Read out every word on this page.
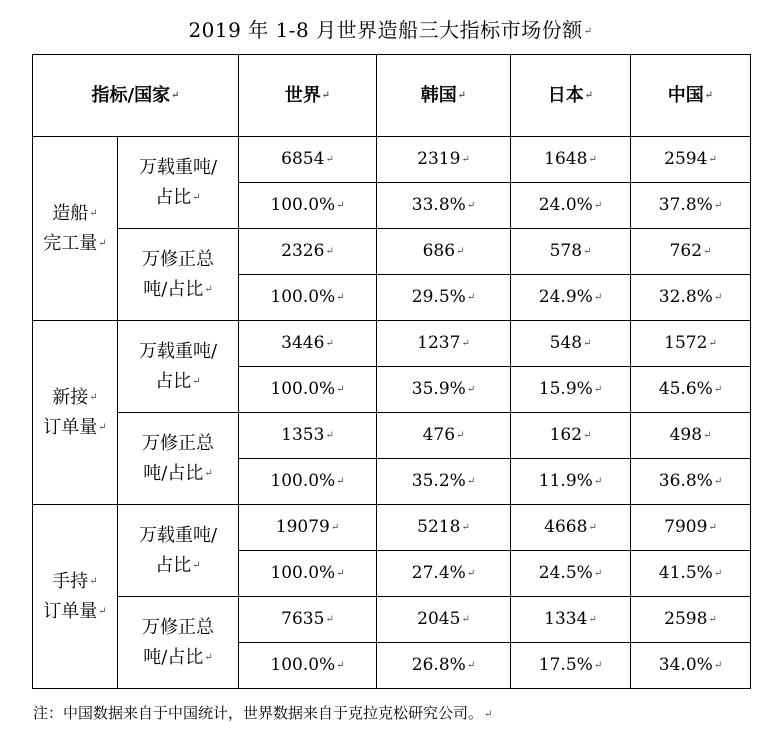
2019 年 1-8 月世界造船三大指标市场份额↵
指标/国家↵		世界↵	韩国↵	日本↵	中国↵
造船↵
完工量↵	万载重吨/
占比↵	6854↵	2319↵	1648↵	2594↵
		100.0%↵	33.8%↵	24.0%↵	37.8%↵
	万修正总
吨/占比↵	2326↵	686↵	578↵	762↵
		100.0%↵	29.5%↵	24.9%↵	32.8%↵
新接↵
订单量↵	万载重吨/
占比↵	3446↵	1237↵	548↵	1572↵
		100.0%↵	35.9%↵	15.9%↵	45.6%↵
	万修正总
吨/占比↵	1353↵	476↵	162↵	498↵
		100.0%↵	35.2%↵	11.9%↵	36.8%↵
手持↵
订单量↵	万载重吨/
占比↵	19079↵	5218↵	4668↵	7909↵
		100.0%↵	27.4%↵	24.5%↵	41.5%↵
	万修正总
吨/占比↵	7635↵	2045↵	1334↵	2598↵
		100.0%↵	26.8%↵	17.5%↵	34.0%↵
注：中国数据来自于中国统计，世界数据来自于克拉克松研究公司。↵
